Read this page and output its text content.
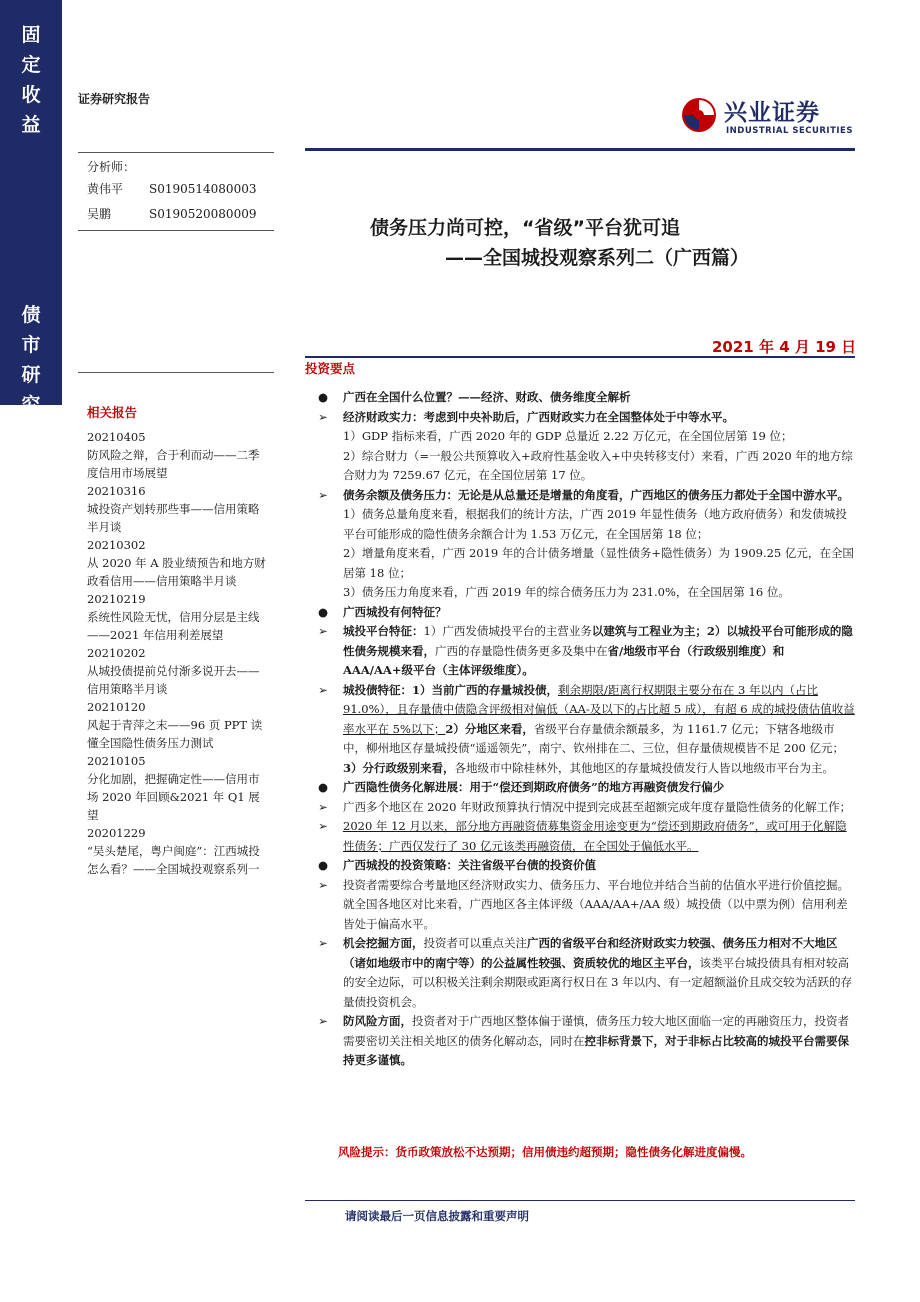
固
定
收
益
债
市
研
究
证券研究报告
兴业证券
INDUSTRIAL SECURITIES
分析师：
黄伟平 S0190514080003
吴鹏	S0190520080009
债务压力尚可控，“省级”平台犹可追
——全国城投观察系列二（广西篇）
2021 年 4 月 19 日
投资要点
相关报告
20210405
防风险之辩，合于利而动——二季度信用市场展望
20210316
城投资产划转那些事——信用策略半月谈
20210302
从 2020 年 A 股业绩预告和地方财政看信用——信用策略半月谈
20210219
系统性风险无忧，信用分层是主线——2021 年信用利差展望
20210202
从城投债提前兑付渐多说开去——信用策略半月谈
20210120
风起于青萍之末——96 页 PPT 读懂全国隐性债务压力测试
20210105
分化加剧，把握确定性——信用市场 2020 年回顾&2021 年 Q1 展望
20201229
“吴头楚尾，粤户闽庭”：江西城投怎么看？——全国城投观察系列一
●	广西在全国什么位置？——经济、财政、债务维度全解析
➢	经济财政实力：考虑到中央补助后，广西财政实力在全国整体处于中等水平。
1）GDP 指标来看，广西 2020 年的 GDP 总量近 2.22 万亿元，在全国位居第 19 位；
2）综合财力（=一般公共预算收入+政府性基金收入+中央转移支付）来看，广西 2020 年的地方综合财力为 7259.67 亿元，在全国位居第 17 位。
➢	债务余额及债务压力：无论是从总量还是增量的角度看，广西地区的债务压力都处于全国中游水平。
1）债务总量角度来看，根据我们的统计方法，广西 2019 年显性债务（地方政府债务）和发债城投平台可能形成的隐性债务余额合计为 1.53 万亿元，在全国居第 18 位；
2）增量角度来看，广西 2019 年的合计债务增量（显性债务+隐性债务）为 1909.25 亿元，在全国居第 18 位；
3）债务压力角度来看，广西 2019 年的综合债务压力为 231.0%，在全国居第 16 位。
●	广西城投有何特征？
➢	城投平台特征：1）广西发债城投平台的主营业务以建筑与工程业为主；2）以城投平台可能形成的隐性债务规模来看，广西的存量隐性债务更多及集中在省/地级市平台（行政级别维度）和 AAA/AA+级平台（主体评级维度）。
➢	城投债特征：1）当前广西的存量城投债，剩余期限/距离行权期限主要分布在 3 年以内（占比 91.0%），且存量债中债隐含评级相对偏低（AA-及以下的占比超 5 成），有超 6 成的城投债估值收益率水平在 5%以下；2）分地区来看，省级平台存量债余额最多，为 1161.7 亿元；下辖各地级市中，柳州地区存量城投债“遥遥领先”，南宁、钦州排在二、三位，但存量债规模皆不足 200 亿元；3）分行政级别来看，各地级市中除桂林外，其他地区的存量城投债发行人皆以地级市平台为主。
●	广西隐性债务化解进展：用于“偿还到期政府债务”的地方再融资债发行偏少
➢	广西多个地区在 2020 年财政预算执行情况中提到完成甚至超额完成年度存量隐性债务的化解工作；
➢	2020 年 12 月以来，部分地方再融资债募集资金用途变更为“偿还到期政府债务”，或可用于化解隐性债务；广西仅发行了 30 亿元该类再融资债，在全国处于偏低水平。
●	广西城投的投资策略：关注省级平台债的投资价值
➢	投资者需要综合考量地区经济财政实力、债务压力、平台地位并结合当前的估值水平进行价值挖掘。就全国各地区对比来看，广西地区各主体评级（AAA/AA+/AA 级）城投债（以中票为例）信用利差皆处于偏高水平。
➢	机会挖掘方面，投资者可以重点关注广西的省级平台和经济财政实力较强、债务压力相对不大地区（诸如地级市中的南宁等）的公益属性较强、资质较优的地区主平台，该类平台城投债具有相对较高的安全边际，可以积极关注剩余期限或距离行权日在 3 年以内、有一定超额溢价且成交较为活跃的存量债投资机会。
➢	防风险方面，投资者对于广西地区整体偏于谨慎，债务压力较大地区面临一定的再融资压力，投资者需要密切关注相关地区的债务化解动态，同时在控非标背景下，对于非标占比较高的城投平台需要保持更多谨慎。
风险提示：货币政策放松不达预期；信用债违约超预期；隐性债务化解进度偏慢。
请阅读最后一页信息披露和重要声明
